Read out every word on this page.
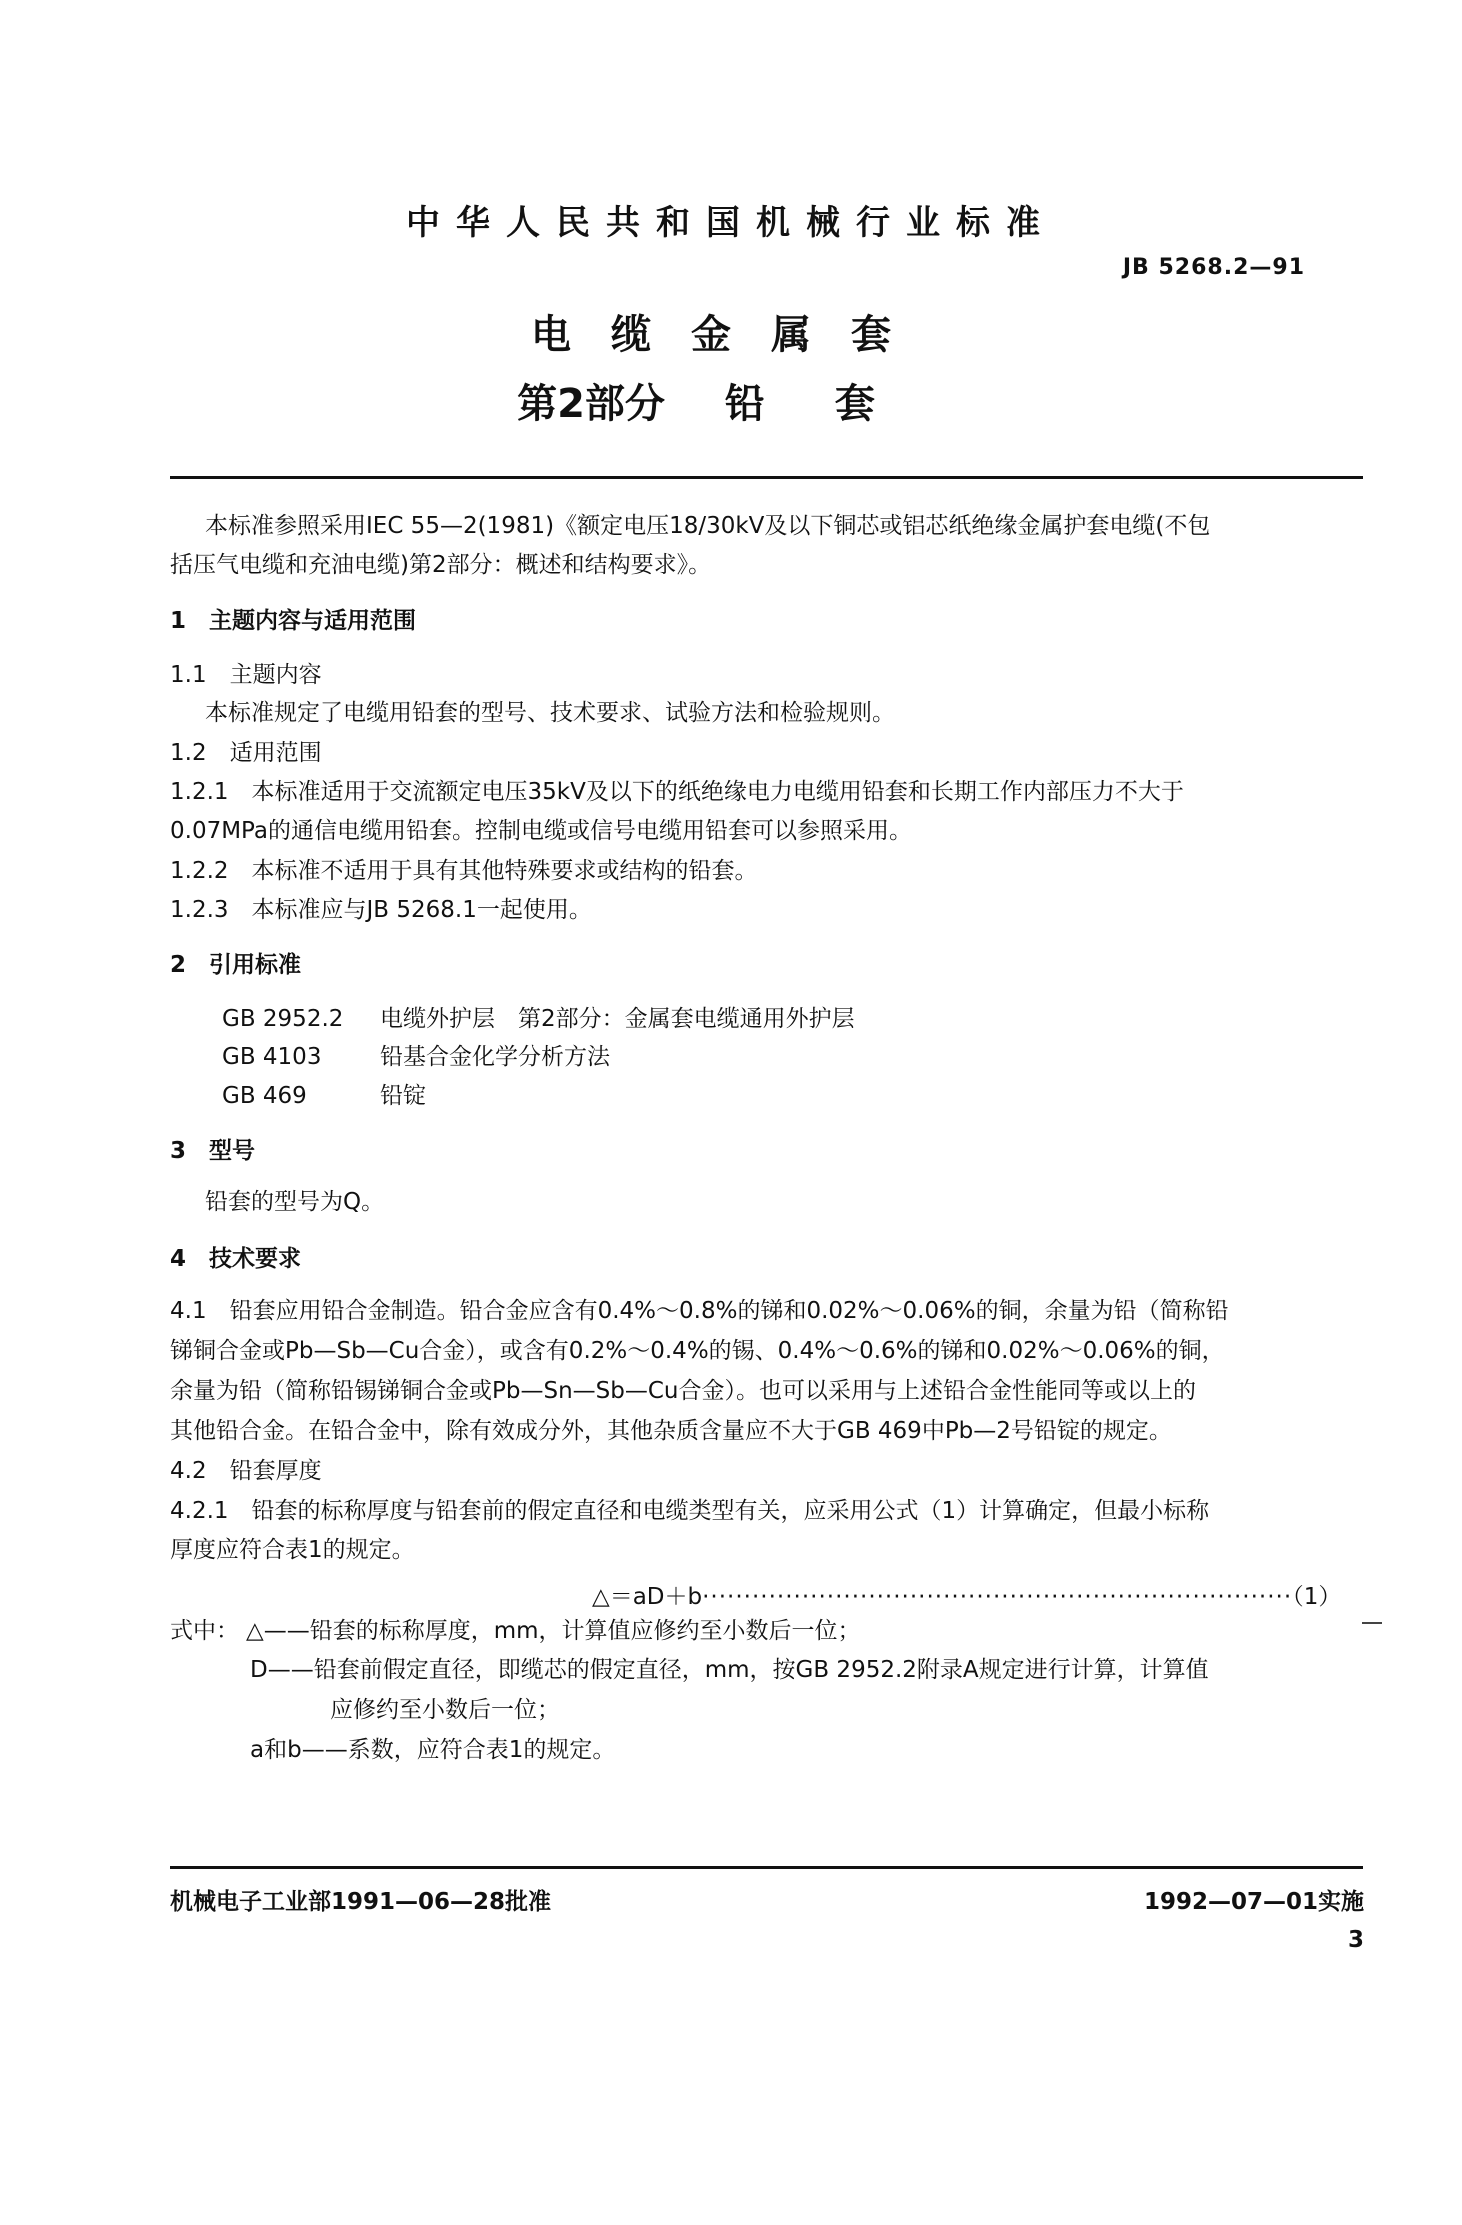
中华人民共和国机械行业标准
JB 5268.2—91
电缆金属套
第2部分 铅套
本标准参照采用IEC 55—2(1981)《额定电压18/30kV及以下铜芯或铝芯纸绝缘金属护套电缆(不包
括压气电缆和充油电缆)第2部分：概述和结构要求》。
1　主题内容与适用范围
1.1　主题内容
本标准规定了电缆用铅套的型号、技术要求、试验方法和检验规则。
1.2　适用范围
1.2.1　本标准适用于交流额定电压35kV及以下的纸绝缘电力电缆用铅套和长期工作内部压力不大于
0.07MPa的通信电缆用铅套。控制电缆或信号电缆用铅套可以参照采用。
1.2.2　本标准不适用于具有其他特殊要求或结构的铅套。
1.2.3　本标准应与JB 5268.1一起使用。
2　引用标准
GB 2952.2 电缆外护层　第2部分：金属套电缆通用外护层
GB 4103	铅基合金化学分析方法
GB 469	铅锭
3　型号
铅套的型号为Q。
4　技术要求
4.1　铅套应用铅合金制造。铅合金应含有0.4%～0.8%的锑和0.02%～0.06%的铜，余量为铅（简称铅
锑铜合金或Pb—Sb—Cu合金），或含有0.2%～0.4%的锡、0.4%～0.6%的锑和0.02%～0.06%的铜，
余量为铅（简称铅锡锑铜合金或Pb—Sn—Sb—Cu合金）。也可以采用与上述铅合金性能同等或以上的
其他铅合金。在铅合金中，除有效成分外，其他杂质含量应不大于GB 469中Pb—2号铅锭的规定。
4.2　铅套厚度
4.2.1　铅套的标称厚度与铅套前的假定直径和电缆类型有关，应采用公式（1）计算确定，但最小标称
厚度应符合表1的规定。
△＝aD＋b·······································································（1）
式中： △——铅套的标称厚度，mm，计算值应修约至小数后一位；
D——铅套前假定直径，即缆芯的假定直径，mm，按GB 2952.2附录A规定进行计算，计算值
应修约至小数后一位；
a和b——系数，应符合表1的规定。
机械电子工业部1991—06—28批准	1992—07—01实施
3
